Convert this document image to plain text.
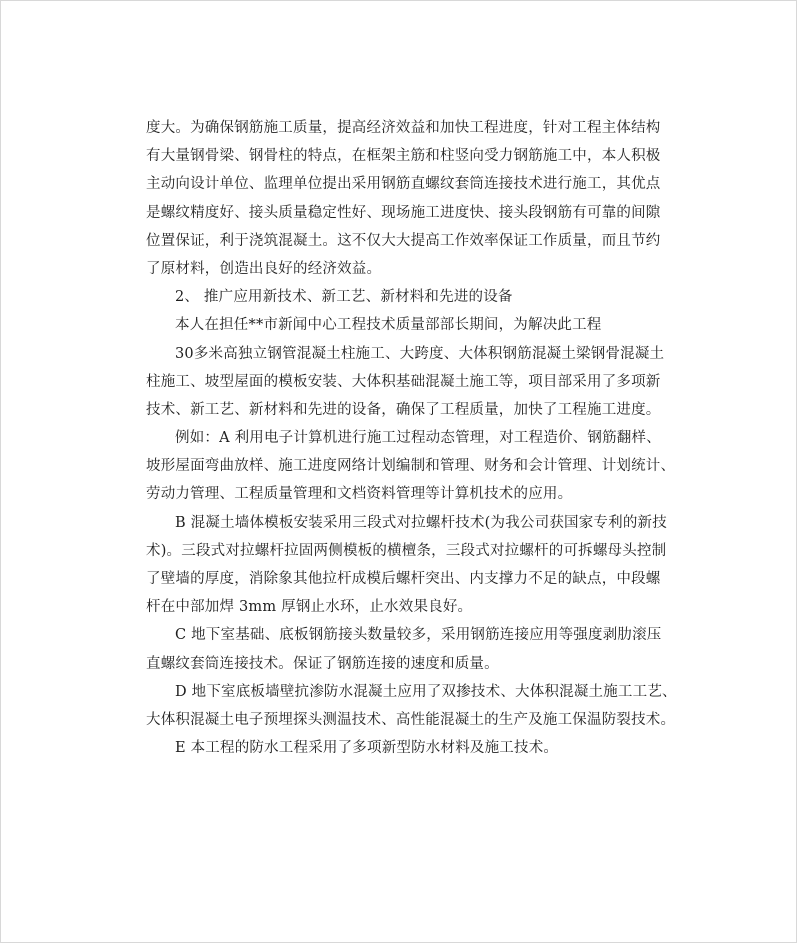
度大。为确保钢筋施工质量，提高经济效益和加快工程进度，针对工程主体结构
有大量钢骨梁、钢骨柱的特点，在框架主筋和柱竖向受力钢筋施工中，本人积极
主动向设计单位、监理单位提出采用钢筋直螺纹套筒连接技术进行施工，其优点
是螺纹精度好、接头质量稳定性好、现场施工进度快、接头段钢筋有可靠的间隙
位置保证，利于浇筑混凝土。这不仅大大提高工作效率保证工作质量，而且节约
了原材料，创造出良好的经济效益。
2、 推广应用新技术、新工艺、新材料和先进的设备
本人在担任**市新闻中心工程技术质量部部长期间，为解决此工程
30多米高独立钢管混凝土柱施工、大跨度、大体积钢筋混凝土梁钢骨混凝土
柱施工、坡型屋面的模板安装、大体积基础混凝土施工等，项目部采用了多项新
技术、新工艺、新材料和先进的设备，确保了工程质量，加快了工程施工进度。
例如：A 利用电子计算机进行施工过程动态管理，对工程造价、钢筋翻样、
坡形屋面弯曲放样、施工进度网络计划编制和管理、财务和会计管理、计划统计、
劳动力管理、工程质量管理和文档资料管理等计算机技术的应用。
B 混凝土墙体模板安装采用三段式对拉螺杆技术(为我公司获国家专利的新技
术)。三段式对拉螺杆拉固两侧模板的横檀条，三段式对拉螺杆的可拆螺母头控制
了壁墙的厚度，消除象其他拉杆成模后螺杆突出、内支撑力不足的缺点，中段螺
杆在中部加焊 3mm 厚钢止水环，止水效果良好。
C 地下室基础、底板钢筋接头数量较多，采用钢筋连接应用等强度剥肋滚压
直螺纹套筒连接技术。保证了钢筋连接的速度和质量。
D 地下室底板墙壁抗渗防水混凝土应用了双掺技术、大体积混凝土施工工艺、
大体积混凝土电子预埋探头测温技术、高性能混凝土的生产及施工保温防裂技术。
E 本工程的防水工程采用了多项新型防水材料及施工技术。
